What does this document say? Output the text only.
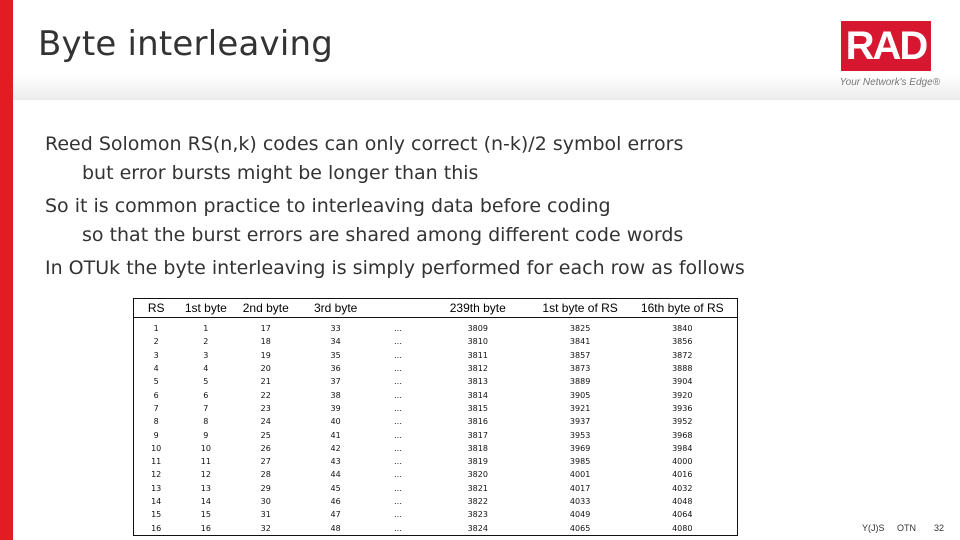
Byte interleaving	RAD
Your Network's Edge®

Reed Solomon RS(n,k) codes can only correct (n-k)/2 symbol errors

but error bursts might be longer than this

So it is common practice to interleaving data before coding

so that the burst errors are shared among different code words

In OTUk the byte interleaving is simply performed for each row as follows

RS	1st byte	2nd byte	3rd byte		239th byte	1st byte of RS	16th byte of RS
1	1	17	33	…	3809	3825	3840
2	2	18	34	…	3810	3841	3856
3	3	19	35	…	3811	3857	3872
4	4	20	36	…	3812	3873	3888
5	5	21	37	…	3813	3889	3904
6	6	22	38	…	3814	3905	3920
7	7	23	39	…	3815	3921	3936
8	8	24	40	…	3816	3937	3952
9	9	25	41	…	3817	3953	3968
10	10	26	42	…	3818	3969	3984
11	11	27	43	…	3819	3985	4000
12	12	28	44	…	3820	4001	4016
13	13	29	45	…	3821	4017	4032
14	14	30	46	…	3822	4033	4048
15	15	31	47	…	3823	4049	4064
16	16	32	48	…	3824	4065	4080	Y(J)S OTN 32
